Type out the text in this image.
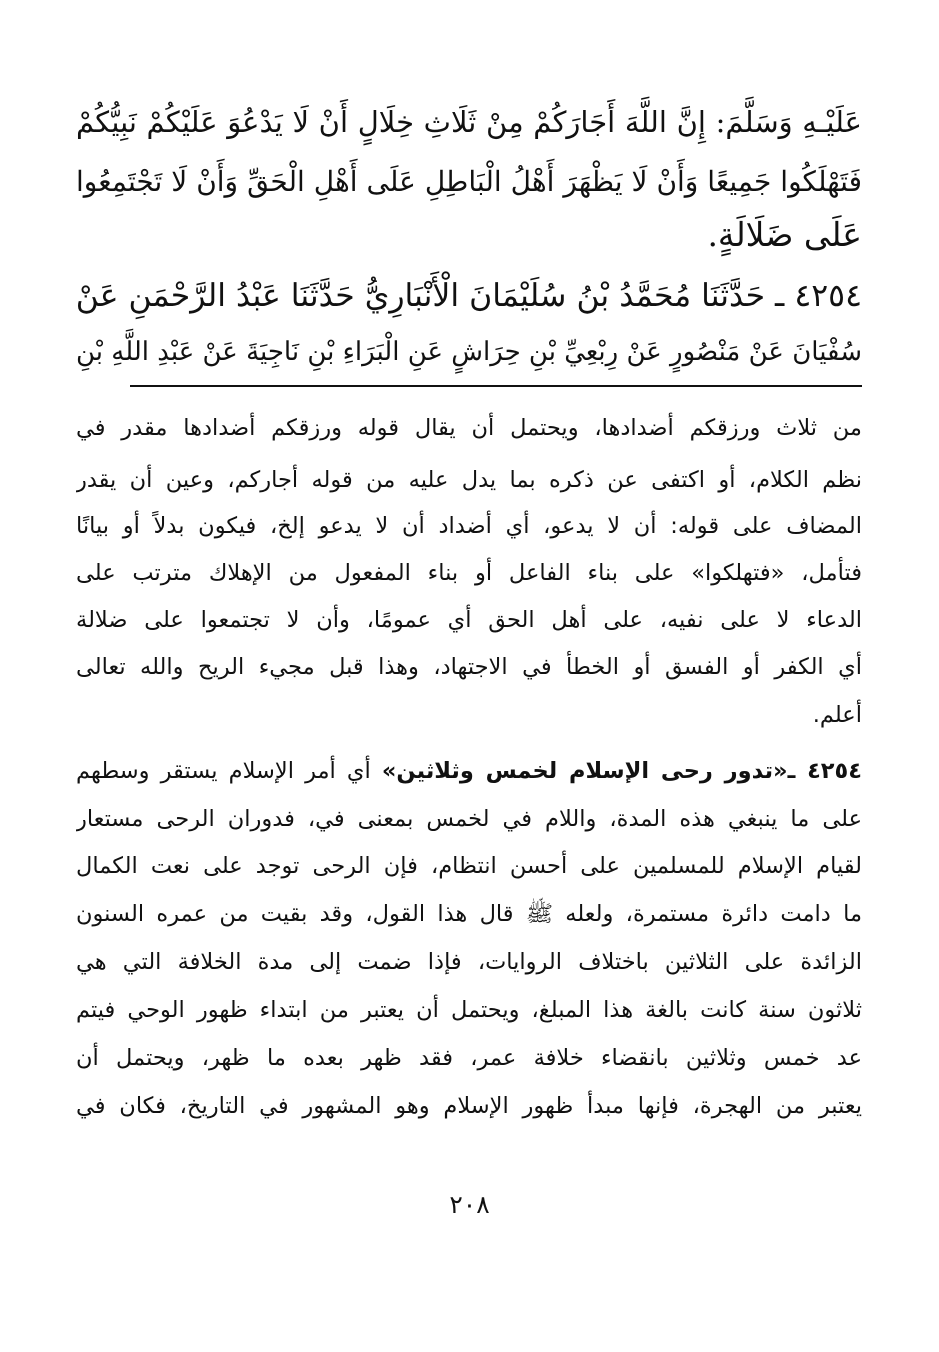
عَلَيْـهِ وَسَلَّمَ: إِنَّ اللَّهَ أَجَارَكُمْ مِنْ ثَلَاثِ خِلَالٍ أَنْ لَا يَدْعُوَ عَلَيْكُمْ نَبِيُّكُمْ
فَتَهْلَكُوا جَمِيعًا وَأَنْ لَا يَظْهَرَ أَهْلُ الْبَاطِلِ عَلَى أَهْلِ الْحَقِّ وَأَنْ لَا تَجْتَمِعُوا
عَلَى ضَلَالَةٍ.
٤٢٥٤ ـ حَدَّثَنَا مُحَمَّدُ بْنُ سُلَيْمَانَ الْأَنْبَارِيُّ حَدَّثَنَا عَبْدُ الرَّحْمَنِ عَنْ
سُفْيَانَ عَنْ مَنْصُورٍ عَنْ رِبْعِيِّ بْنِ حِرَاشٍ عَنِ الْبَرَاءِ بْنِ نَاجِيَةَ عَنْ عَبْدِ اللَّهِ بْنِ
من ثلاث ورزقكم أضدادها، ويحتمل أن يقال قوله ورزقكم أضدادها مقدر في
نظم الكلام، أو اكتفى عن ذكره بما يدل عليه من قوله أجاركم، وعين أن يقدر
المضاف على قوله: أن لا يدعو، أي أضداد أن لا يدعو إلخ، فيكون بدلاً أو بيانًا
فتأمل، «فتهلكوا» على بناء الفاعل أو بناء المفعول من الإهلاك مترتب على
الدعاء لا على نفيه، على أهل الحق أي عمومًا، وأن لا تجتمعوا على ضلالة
أي الكفر أو الفسق أو الخطأ في الاجتهاد، وهذا قبل مجيء الريح والله تعالى
أعلم.
٤٢٥٤ ـ«تدور رحى الإسلام لخمس وثلاثين» أي أمر الإسلام يستقر وسطهم
على ما ينبغي هذه المدة، واللام في لخمس بمعنى في، فدوران الرحى مستعار
لقيام الإسلام للمسلمين على أحسن انتظام، فإن الرحى توجد على نعت الكمال
ما دامت دائرة مستمرة، ولعله ﷺ قال هذا القول، وقد بقيت من عمره السنون
الزائدة على الثلاثين باختلاف الروايات، فإذا ضمت إلى مدة الخلافة التي هي
ثلاثون سنة كانت بالغة هذا المبلغ، ويحتمل أن يعتبر من ابتداء ظهور الوحي فيتم
عد خمس وثلاثين بانقضاء خلافة عمر، فقد ظهر بعده ما ظهر، ويحتمل أن
يعتبر من الهجرة، فإنها مبدأ ظهور الإسلام وهو المشهور في التاريخ، فكان في
٢٠٨
